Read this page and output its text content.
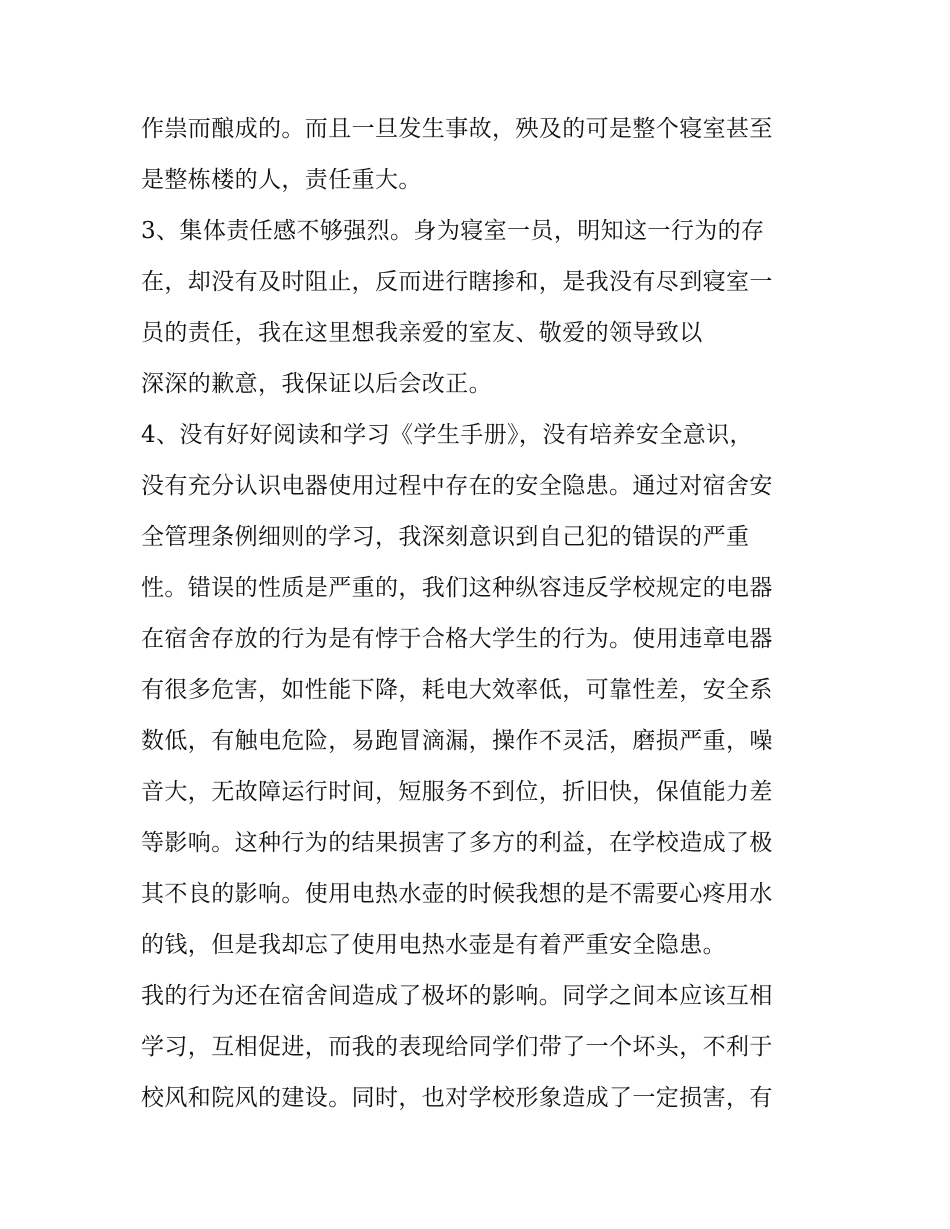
作祟而酿成的。而且一旦发生事故，殃及的可是整个寝室甚至

是整栋楼的人，责任重大。

3、集体责任感不够强烈。身为寝室一员，明知这一行为的存

在，却没有及时阻止，反而进行瞎掺和，是我没有尽到寝室一

员的责任，我在这里想我亲爱的室友、敬爱的领导致以

深深的歉意，我保证以后会改正。

4、没有好好阅读和学习《学生手册》，没有培养安全意识，

没有充分认识电器使用过程中存在的安全隐患。通过对宿舍安

全管理条例细则的学习，我深刻意识到自己犯的错误的严重

性。错误的性质是严重的，我们这种纵容违反学校规定的电器

在宿舍存放的行为是有悖于合格大学生的行为。使用违章电器

有很多危害，如性能下降，耗电大效率低，可靠性差，安全系

数低，有触电危险，易跑冒滴漏，操作不灵活，磨损严重，噪

音大，无故障运行时间，短服务不到位，折旧快，保值能力差

等影响。这种行为的结果损害了多方的利益，在学校造成了极

其不良的影响。使用电热水壶的时候我想的是不需要心疼用水

的钱，但是我却忘了使用电热水壶是有着严重安全隐患。

我的行为还在宿舍间造成了极坏的影响。同学之间本应该互相

学习，互相促进，而我的表现给同学们带了一个坏头，不利于

校风和院风的建设。同时，也对学校形象造成了一定损害，有
